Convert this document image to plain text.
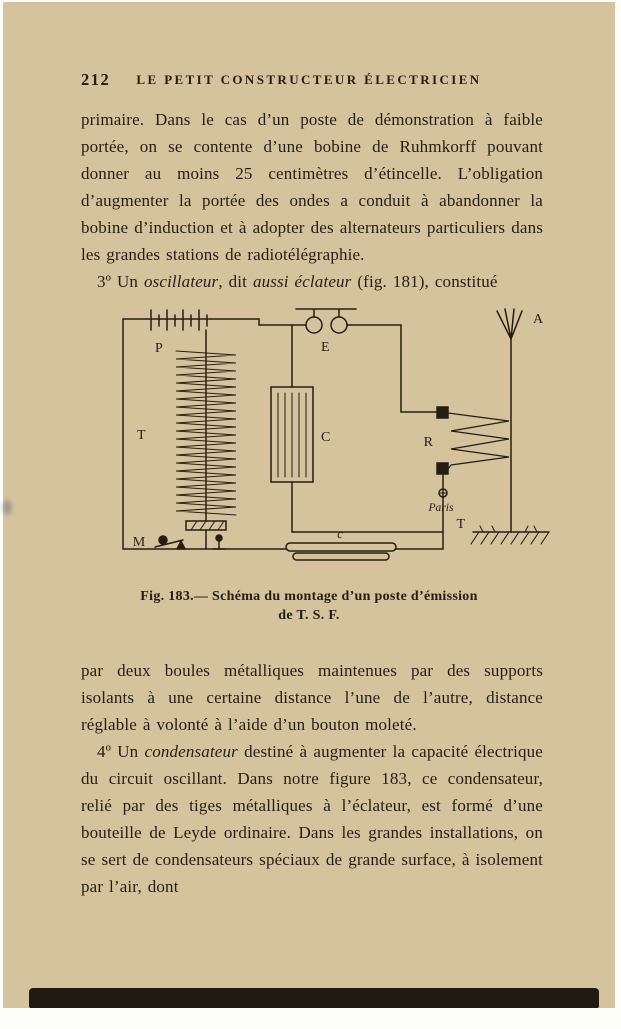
212	LE PETIT CONSTRUCTEUR ÉLECTRICIEN

primaire. Dans le cas d’un poste de démonstration à faible portée, on se contente d’une bobine de Ruhmkorff pouvant donner au moins 25 centimètres d’étincelle. L’obligation d’augmenter la portée des ondes a conduit à abandonner la bobine d’induction et à adopter des alternateurs particuliers dans les grandes stations de radiotélégraphie.

3º Un oscillateur, dit aussi éclateur (fig. 181), constitué

P
T
E
C
A
R
Paris
M
c
T
Fig. 183.— Schéma du montage d’un poste d’émission
de T. S. F.

par deux boules métalliques maintenues par des supports isolants à une certaine distance l’une de l’autre, distance réglable à volonté à l’aide d’un bouton moleté.

4º Un condensateur destiné à augmenter la capacité électrique du circuit oscillant. Dans notre figure 183, ce condensateur, relié par des tiges métalliques à l’éclateur, est formé d’une bouteille de Leyde ordinaire. Dans les grandes installations, on se sert de condensateurs spéciaux de grande surface, à isolement par l’air, dont
